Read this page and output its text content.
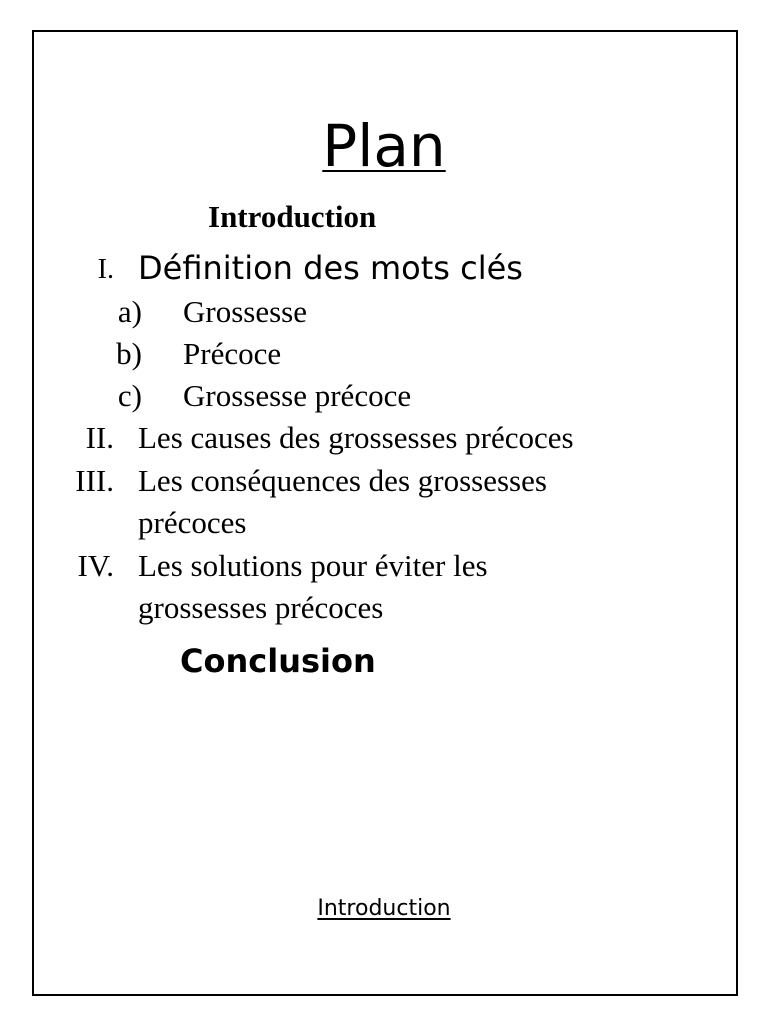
Plan
Introduction
I. Définition des mots clés
a) Grossesse
b) Précoce
c) Grossesse précoce
II. Les causes des grossesses précoces
III. Les conséquences des grossesses précoces
IV. Les solutions pour éviter les grossesses précoces
Conclusion
Introduction
